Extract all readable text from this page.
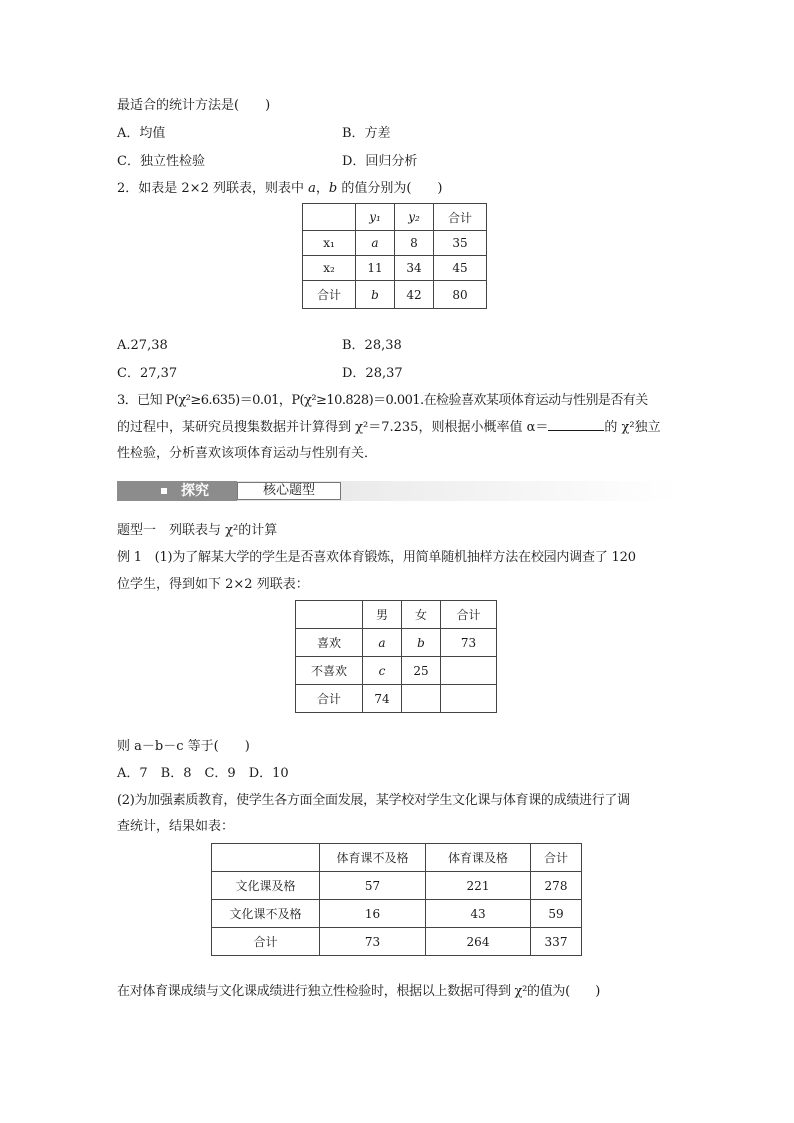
最适合的统计方法是(　　)
A．均值	B．方差
C．独立性检验	D．回归分析
2．如表是 2×2 列联表，则表中 a，b 的值分别为(　　)
	y₁	y₂	合计
x₁	a	8	35
x₂	11	34	45
合计	b	42	80
A.27,38	B．28,38
C．27,37	D．28,37
3．已知 P(χ²≥6.635)＝0.01，P(χ²≥10.828)＝0.001.在检验喜欢某项体育运动与性别是否有关
的过程中，某研究员搜集数据并计算得到 χ²＝7.235，则根据小概率值 α＝	的 χ²独立
性检验，分析喜欢该项体育运动与性别有关．
探究	核心题型
题型一　列联表与 χ²的计算
例 1　(1)为了解某大学的学生是否喜欢体育锻炼，用简单随机抽样方法在校园内调查了 120
位学生，得到如下 2×2 列联表：
	男	女	合计
喜欢	a	b	73
不喜欢	c	25	
合计	74		
则 a－b－c 等于(　　)
A．7　B．8　C．9　D．10
(2)为加强素质教育，使学生各方面全面发展，某学校对学生文化课与体育课的成绩进行了调
查统计，结果如表：
	体育课不及格	体育课及格	合计
文化课及格	57	221	278
文化课不及格	16	43	59
合计	73	264	337
在对体育课成绩与文化课成绩进行独立性检验时，根据以上数据可得到 χ²的值为(　　)
